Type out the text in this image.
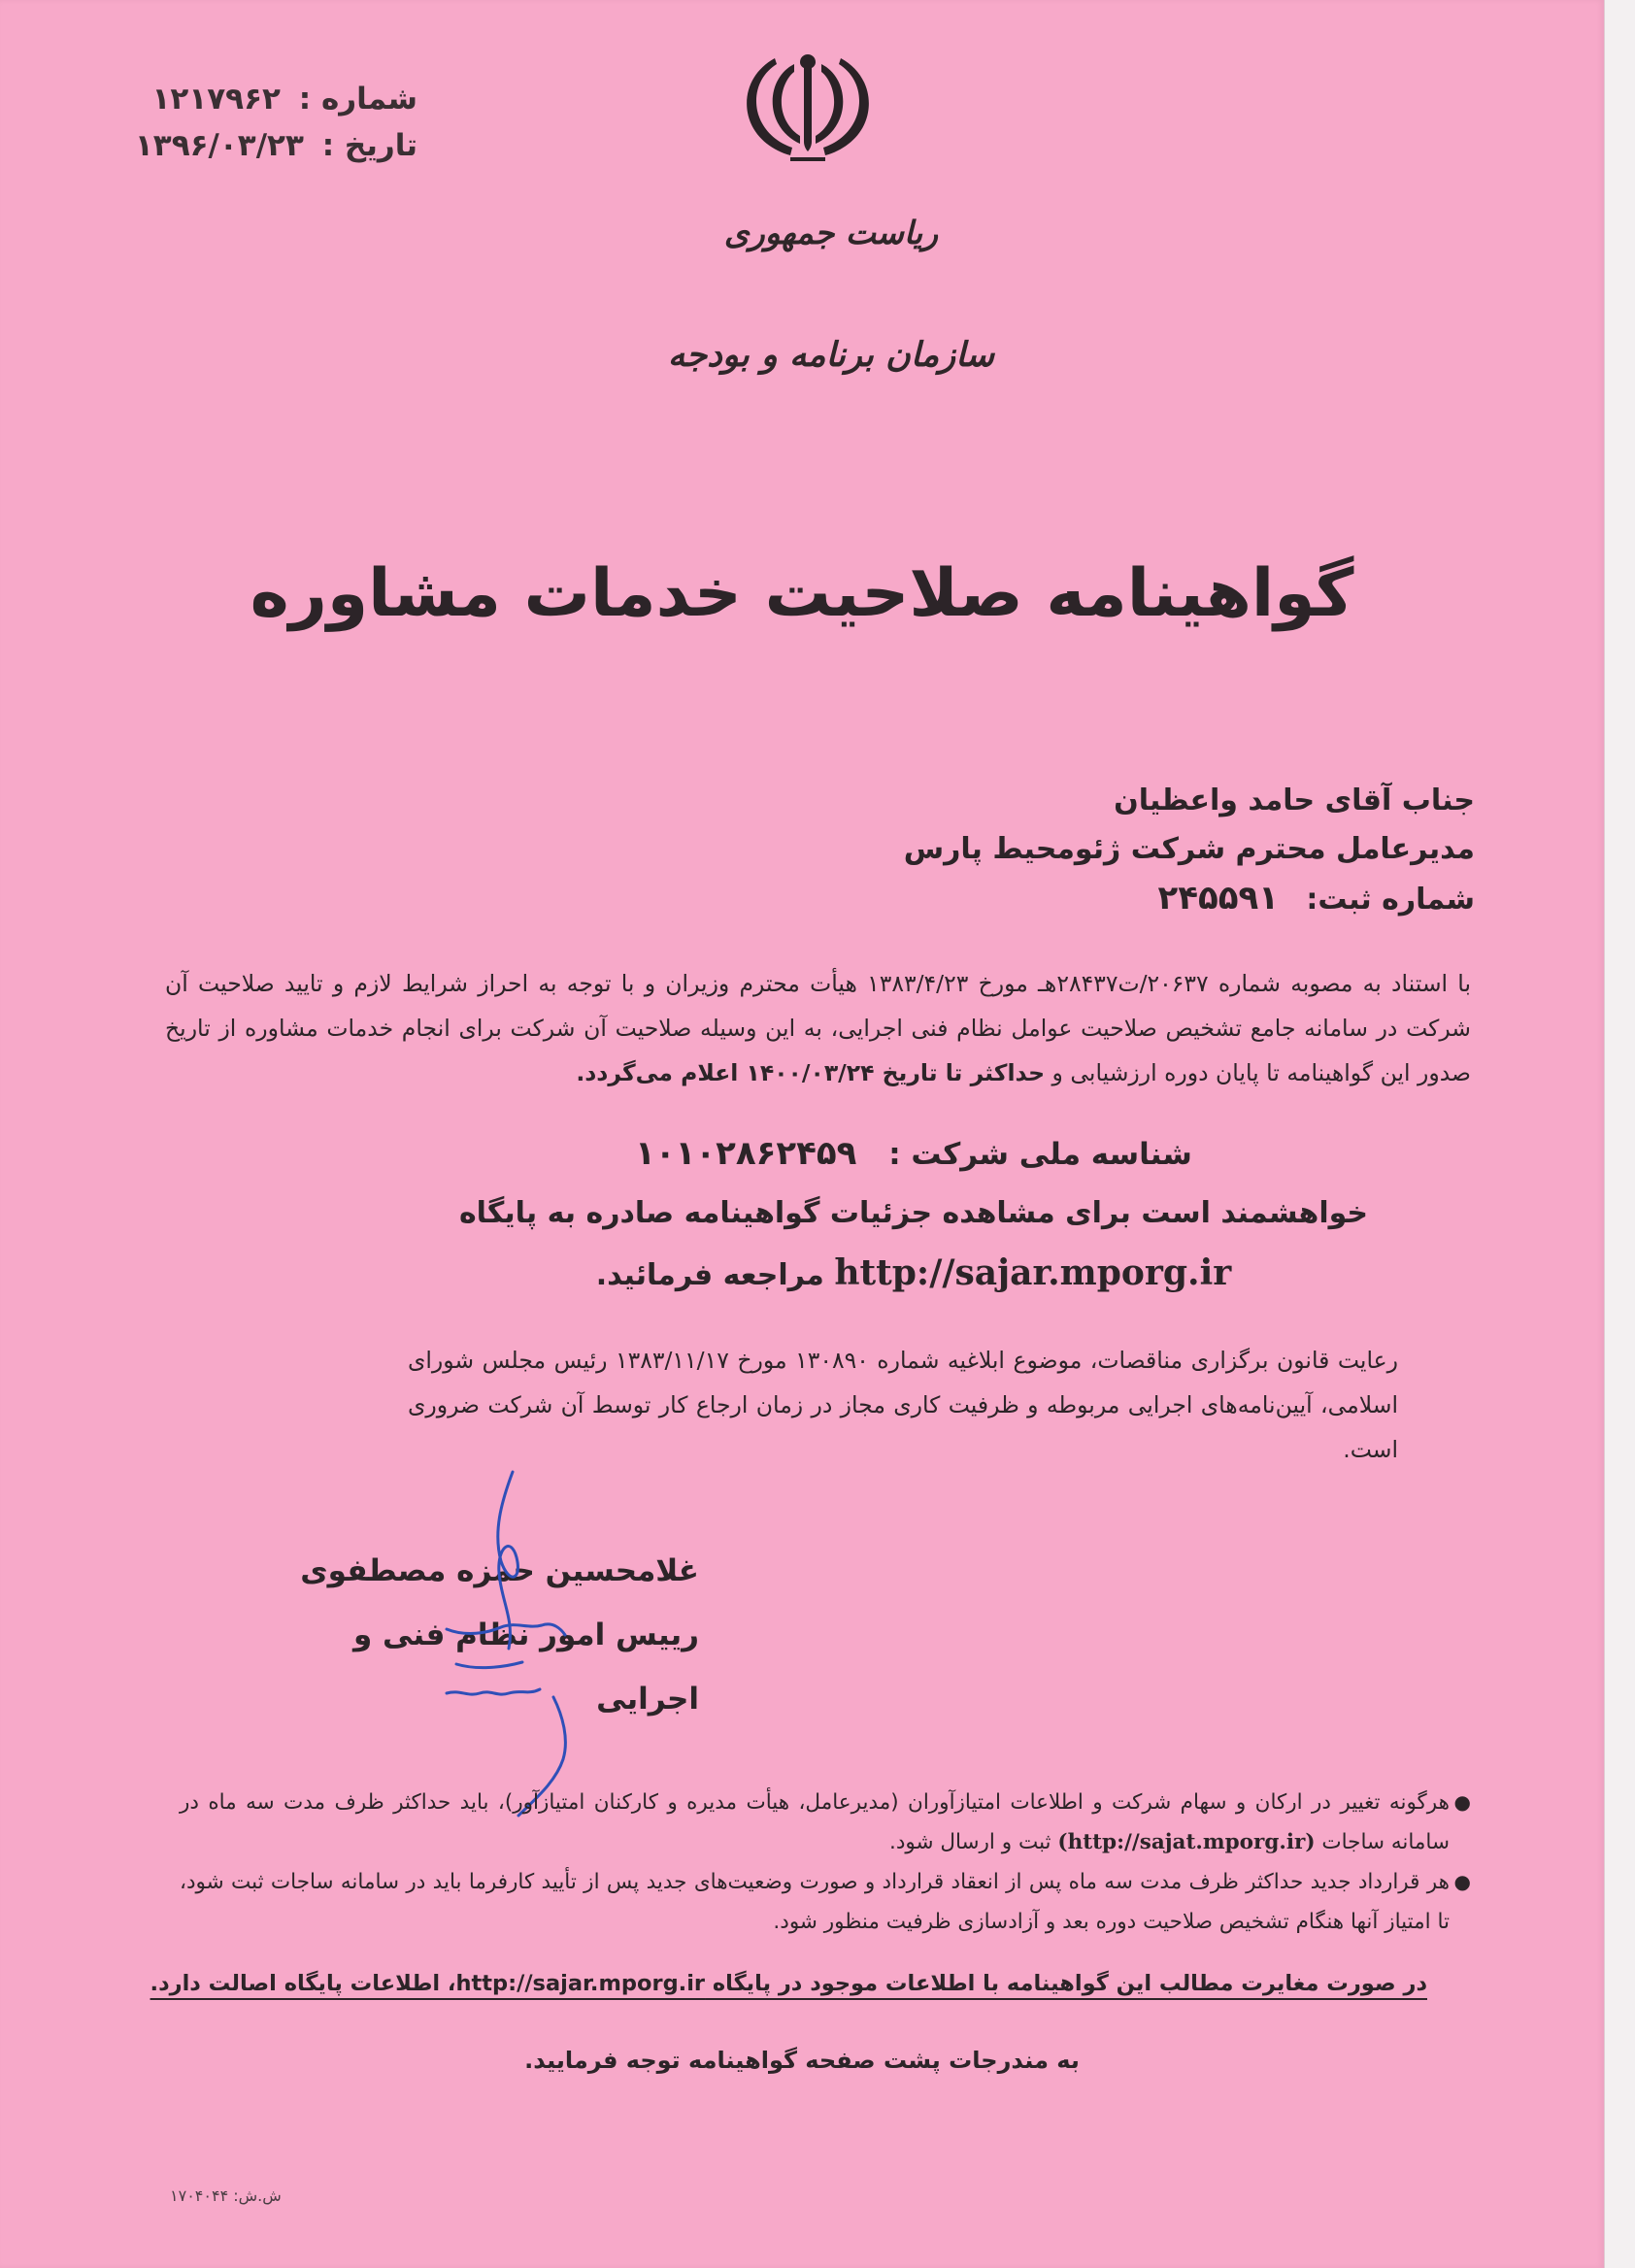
شماره : ۱۲۱۷۹۶۲
تاریخ : ۱۳۹۶/۰۳/۲۳
ریاست جمهوری
سازمان برنامه و بودجه
گواهینامه صلاحیت خدمات مشاوره
جناب آقای حامد واعظیان
مدیرعامل محترم شرکت ژئومحیط پارس
شماره ثبت: ۲۴۵۵۹۱
با استناد به مصوبه شماره ۲۰۶۳۷/ت۲۸۴۳۷هـ مورخ ۱۳۸۳/۴/۲۳ هیأت محترم وزیران و با توجه به احراز شرایط لازم و تایید صلاحیت آن شرکت در سامانه جامع تشخیص صلاحیت عوامل نظام فنی اجرایی، به این وسیله صلاحیت آن شرکت برای انجام خدمات مشاوره از تاریخ صدور این گواهینامه تا پایان دوره ارزشیابی و حداکثر تا تاریخ ۱۴۰۰/۰۳/۲۴ اعلام می‌گردد.
شناسه ملی شرکت : ۱۰۱۰۲۸۶۲۴۵۹
خواهشمند است برای مشاهده جزئیات گواهینامه صادره به پایگاه
http://sajar.mporg.ir مراجعه فرمائید.
رعایت قانون برگزاری مناقصات، موضوع ابلاغیه شماره ۱۳۰۸۹۰ مورخ ۱۳۸۳/۱۱/۱۷ رئیس مجلس شورای اسلامی، آیین‌نامه‌های اجرایی مربوطه و ظرفیت کاری مجاز در زمان ارجاع کار توسط آن شرکت ضروری است.
غلامحسین حمزه مصطفوی
رییس امور نظام فنی و اجرایی
●
هرگونه تغییر در ارکان و سهام شرکت و اطلاعات امتیازآوران (مدیرعامل، هیأت مدیره و کارکنان امتیازآور)، باید حداکثر ظرف مدت سه ماه در سامانه ساجات (http://sajat.mporg.ir) ثبت و ارسال شود.
●
هر قرارداد جدید حداکثر ظرف مدت سه ماه پس از انعقاد قرارداد و صورت وضعیت‌های جدید پس از تأیید کارفرما باید در سامانه ساجات ثبت شود، تا امتیاز آنها هنگام تشخیص صلاحیت دوره بعد و آزادسازی ظرفیت منظور شود.
در صورت مغایرت مطالب این گواهینامه با اطلاعات موجود در پایگاه http://sajar.mporg.ir، اطلاعات پایگاه اصالت دارد.
به مندرجات پشت صفحه گواهینامه توجه فرمایید.
ش.ش: ۱۷۰۴۰۴۴
